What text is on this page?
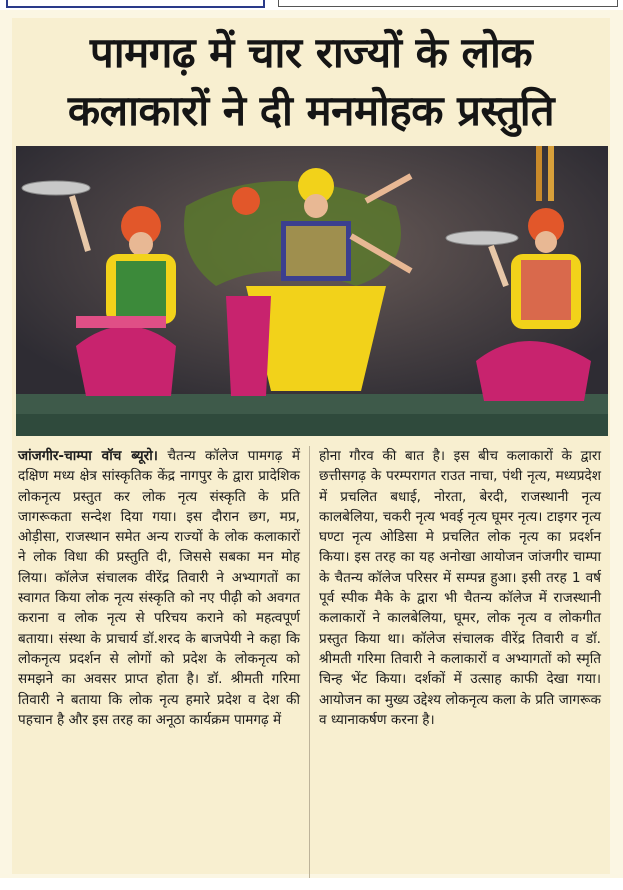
पामगढ़ में चार राज्यों के लोक
कलाकारों ने दी मनमोहक प्रस्तुति

जांजगीर-चाम्पा वॉच ब्यूरो। चैतन्य कॉलेज पामगढ़ में दक्षिण मध्य क्षेत्र सांस्कृतिक केंद्र नागपुर के द्वारा प्रादेशिक लोकनृत्य प्रस्तुत कर लोक नृत्य संस्कृति के प्रति जागरूकता सन्देश दिया गया। इस दौरान छग, मप्र, ओड़ीसा, राजस्थान समेत अन्य राज्यों के लोक कलाकारों ने लोक विधा की प्रस्तुति दी, जिससे सबका मन मोह लिया। कॉलेज संचालक वीरेंद्र तिवारी ने अभ्यागतों का स्वागत किया लोक नृत्य संस्कृति को नए पीढ़ी को अवगत कराना व लोक नृत्य से परिचय कराने को महत्वपूर्ण बताया। संस्था के प्राचार्य डॉ.शरद के बाजपेयी ने कहा कि लोकनृत्य प्रदर्शन से लोगों को प्रदेश के लोकनृत्य को समझने का अवसर प्राप्त होता है। डॉ. श्रीमती गरिमा तिवारी ने बताया कि लोक नृत्य हमारे प्रदेश व देश की पहचान है और इस तरह का अनूठा कार्यक्रम पामगढ़ में

होना गौरव की बात है। इस बीच कलाकारों के द्वारा छत्तीसगढ़ के परम्परागत राउत नाचा, पंथी नृत्य, मध्यप्रदेश में प्रचलित बधाई, नोरता, बेरदी, राजस्थानी नृत्य कालबेलिया, चकरी नृत्य भवई नृत्य घूमर नृत्य। टाइगर नृत्य घण्टा नृत्य ओडिसा मे प्रचलित लोक नृत्य का प्रदर्शन किया। इस तरह का यह अनोखा आयोजन जांजगीर चाम्पा के चैतन्य कॉलेज परिसर में सम्पन्न हुआ। इसी तरह 1 वर्ष पूर्व स्पीक मैके के द्वारा भी चैतन्य कॉलेज में राजस्थानी कलाकारों ने कालबेलिया, घूमर, लोक नृत्य व लोकगीत प्रस्तुत किया था। कॉलेज संचालक वीरेंद्र तिवारी व डॉ. श्रीमती गरिमा तिवारी ने कलाकारों व अभ्यागतों को स्मृति चिन्ह भेंट किया। दर्शकों में उत्साह काफी देखा गया। आयोजन का मुख्य उद्देश्य लोकनृत्य कला के प्रति जागरूक व ध्यानाकर्षण करना है।
